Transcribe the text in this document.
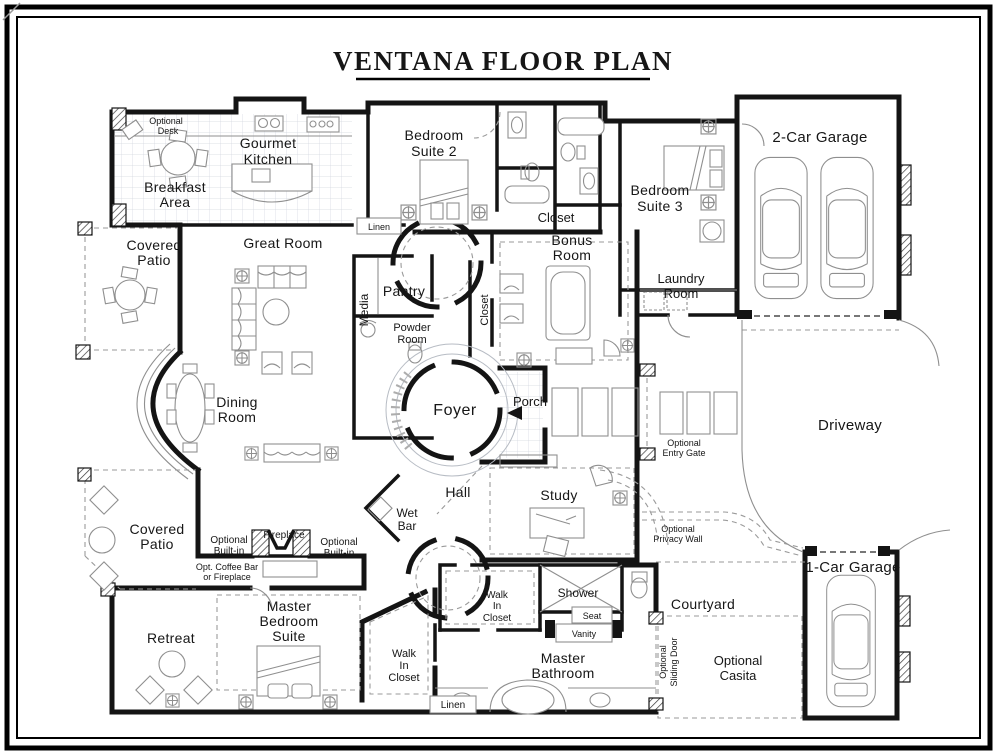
VENTANA FLOOR PLAN
Optional
Desk
Gourmet
Kitchen
Breakfast
Area
Bedroom
Suite 2
Linen
Closet
Bedroom
Suite 3
2-Car Garage
Covered
Patio
Great Room	Bonus
Room
Laundry
Room
Pantry
Media
Powder
Room
Closet
Dining
Room	Foyer
Porch
Optional
Entry Gate
Driveway
Hall	Study
Wet
Bar
Covered
Patio	Optional
Built-in
Fireplace
Optional
Built-in
Opt. Coffee Bar
or Fireplace
Optional
Privacy Wall
1-Car Garage
Retreat
Master
Bedroom
Suite
Walk
In
Closet
Walk
In
Closet
Shower
Seat
Vanity
Courtyard
Master
Bathroom	Optional Sliding Door	Optional
Casita
Linen
